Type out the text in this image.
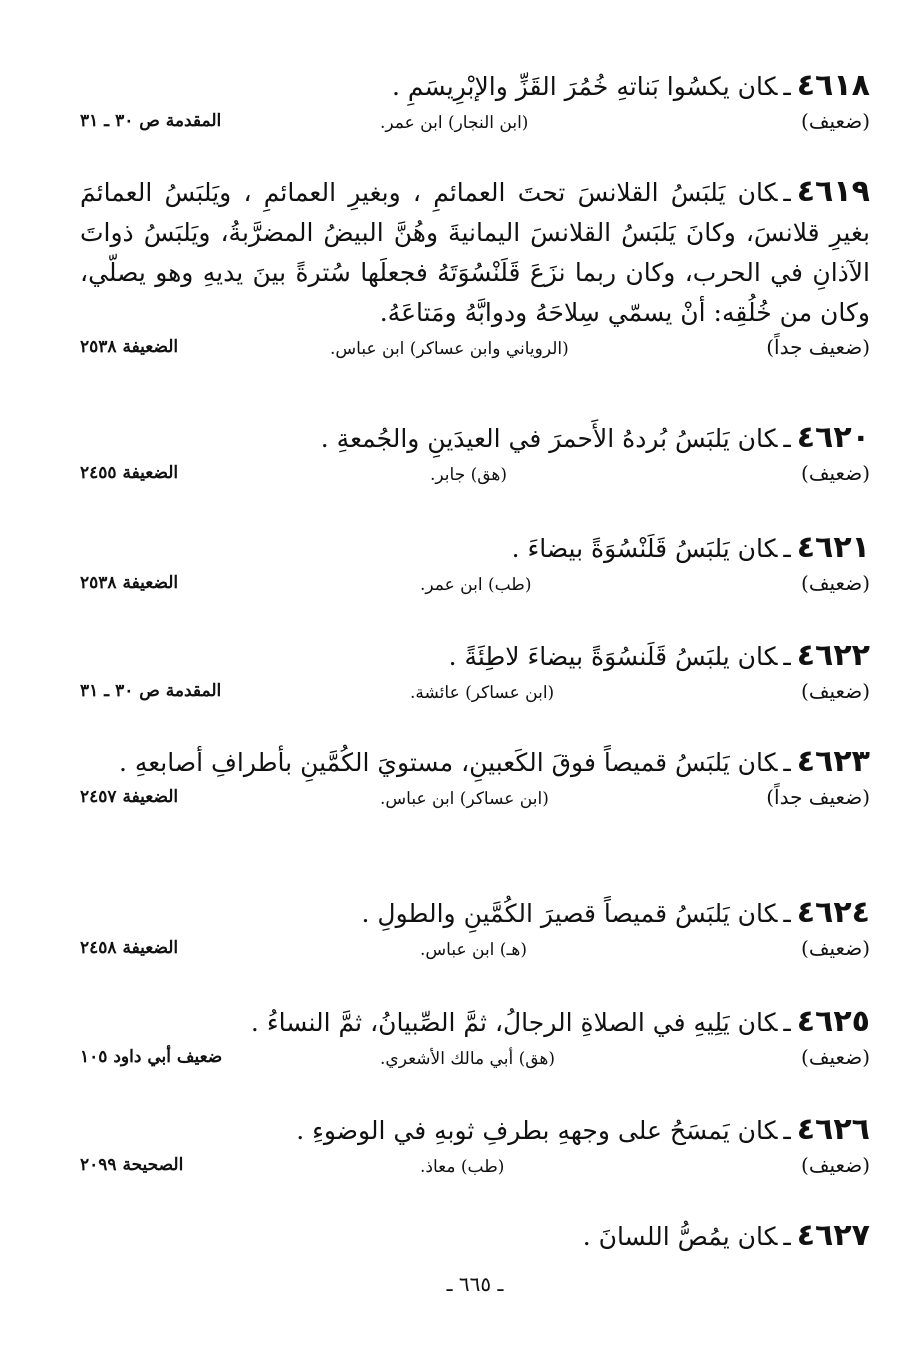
٤٦١٨ـكان يكسُوا بَناتهِ خُمُرَ القَزِّ والإبْرِيسَمِ .

( ضعيف )
(ابن النجار) ابن عمر.
المقدمة ص ٣٠ ـ ٣١

٤٦١٩ـكان يَلبَسُ القلانسَ تحتَ العمائمِ ، وبغيرِ العمائمِ ، ويَلبَسُ العمائمَ بغيرِ قلانسَ، وكانَ يَلبَسُ القلانسَ اليمانيةَ وهُنَّ البيضُ المضرَّبةُ، ويَلبَسُ ذواتَ الآذانِ في الحرب، وكان ربما نزَعَ قَلَنْسُوَتَهُ فجعلَها سُترةً بينَ يديهِ وهو يصلّي، وكان من خُلُقِه: أنْ يسمّي سِلاحَهُ ودوابَّهُ ومَتاعَهُ.

( ضعيف جداً )
(الروياني وابن عساكر) ابن عباس.
الضعيفة ٢٥٣٨

٤٦٢٠ـكان يَلبَسُ بُردهُ الأَحمرَ في العيدَينِ والجُمعةِ .

( ضعيف )
(هق) جابر.
الضعيفة ٢٤٥٥

٤٦٢١ـكان يَلبَسُ قَلَنْسُوَةً بيضاءَ .

( ضعيف )
(طب) ابن عمر.
الضعيفة ٢٥٣٨

٤٦٢٢ـكان يلبَسُ قَلَنسُوَةً بيضاءَ لاطِئَةً .

( ضعيف )
(ابن عساكر) عائشة.
المقدمة ص ٣٠ ـ ٣١

٤٦٢٣ـكان يَلبَسُ قميصاً فوقَ الكَعبينِ، مستويَ الكُمَّينِ بأطرافِ أصابعهِ .

( ضعيف جداً )
(ابن عساكر) ابن عباس.
الضعيفة ٢٤٥٧

٤٦٢٤ـكان يَلبَسُ قميصاً قصيرَ الكُمَّينِ والطولِ .

( ضعيف )
(هـ) ابن عباس.
الضعيفة ٢٤٥٨

٤٦٢٥ـكان يَلِيهِ في الصلاةِ الرجالُ، ثمَّ الصِّبيانُ، ثمَّ النساءُ .

( ضعيف )
(هق) أبي مالك الأشعري.
ضعيف أبي داود ١٠٥

٤٦٢٦ـكان يَمسَحُ على وجههِ بطرفِ ثوبهِ في الوضوءِ .

( ضعيف )
(طب) معاذ.
الصحيحة ٢٠٩٩

٤٦٢٧ـكان يمُصُّ اللسانَ .

ـ ٦٦٥ ـ
